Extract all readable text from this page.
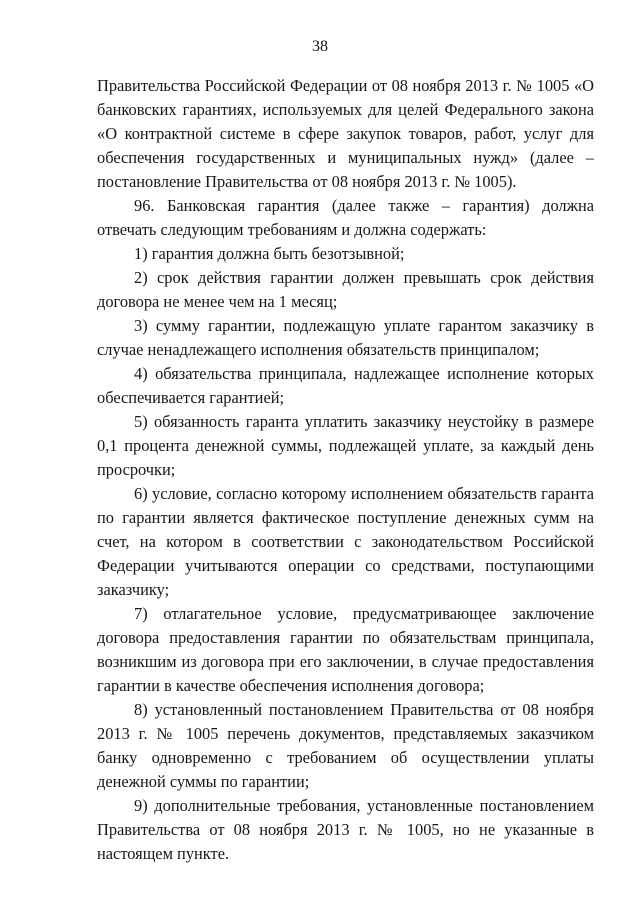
38

Правительства Российской Федерации от 08 ноября 2013 г. № 1005 «О банковских гарантиях, используемых для целей Федерального закона «О контрактной системе в сфере закупок товаров, работ, услуг для обеспечения государственных и муниципальных нужд» (далее – постановление Правительства от 08 ноября 2013 г. № 1005).

96. Банковская гарантия (далее также – гарантия) должна отвечать следующим требованиям и должна содержать:

1) гарантия должна быть безотзывной;

2) срок действия гарантии должен превышать срок действия договора не менее чем на 1 месяц;

3) сумму гарантии, подлежащую уплате гарантом заказчику в случае ненадлежащего исполнения обязательств принципалом;

4) обязательства принципала, надлежащее исполнение которых обеспечивается гарантией;

5) обязанность гаранта уплатить заказчику неустойку в размере 0,1 процента денежной суммы, подлежащей уплате, за каждый день просрочки;

6) условие, согласно которому исполнением обязательств гаранта по гарантии является фактическое поступление денежных сумм на счет, на котором в соответствии с законодательством Российской Федерации учитываются операции со средствами, поступающими заказчику;

7) отлагательное условие, предусматривающее заключение договора предоставления гарантии по обязательствам принципала, возникшим из договора при его заключении, в случае предоставления гарантии в качестве обеспечения исполнения договора;

8) установленный постановлением Правительства от 08 ноября 2013 г. № 1005 перечень документов, представляемых заказчиком банку одновременно с требованием об осуществлении уплаты денежной суммы по гарантии;

9) дополнительные требования, установленные постановлением Правительства от 08 ноября 2013 г. № 1005, но не указанные в настоящем пункте.
